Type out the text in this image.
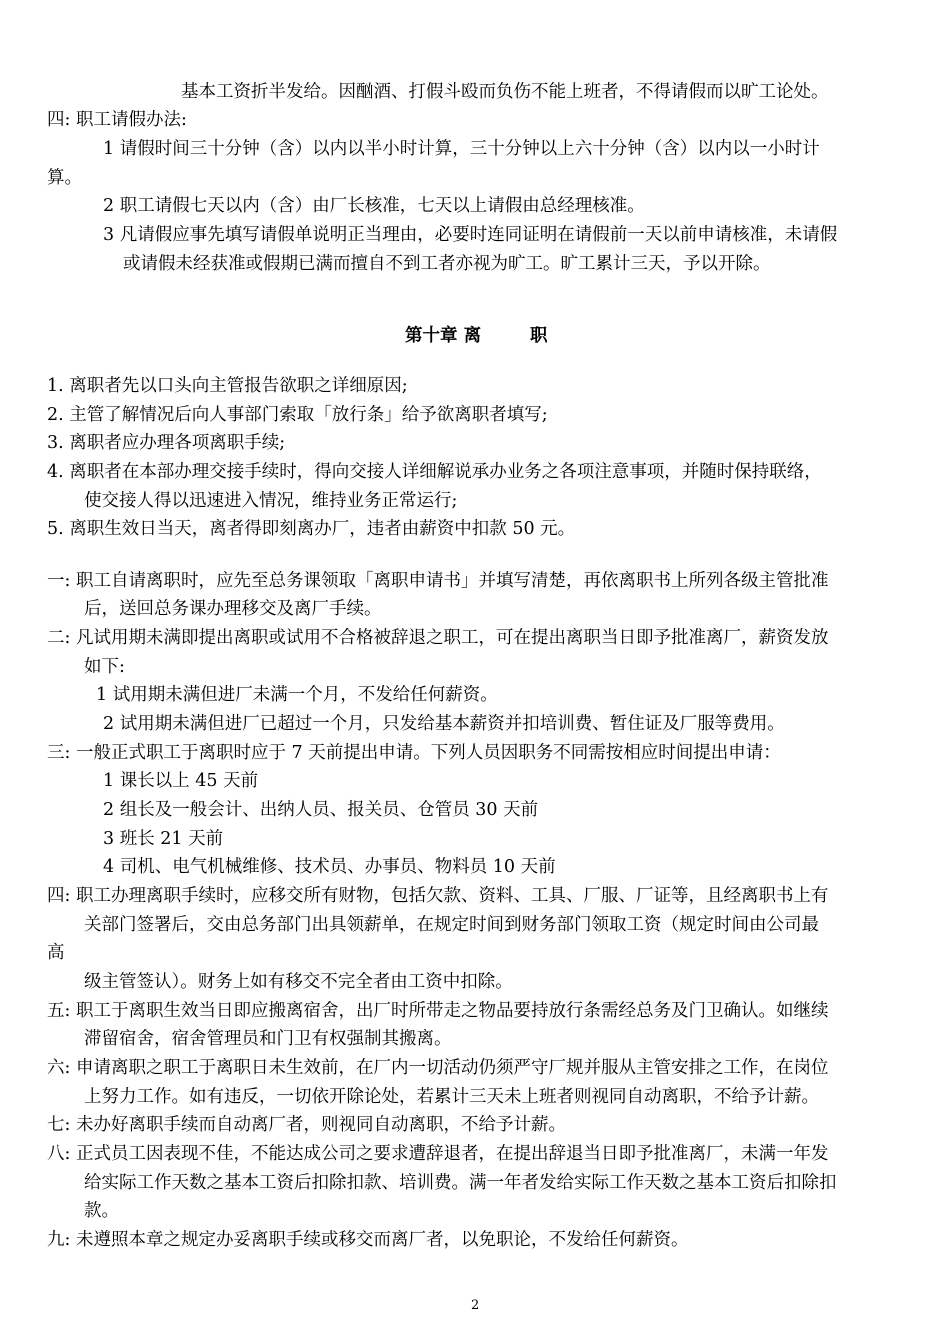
基本工资折半发给。因酗酒、打假斗殴而负伤不能上班者，不得请假而以旷工论处。
四: 职工请假办法:
1 请假时间三十分钟（含）以内以半小时计算，三十分钟以上六十分钟（含）以内以一小时计
算。
2 职工请假七天以内（含）由厂长核准，七天以上请假由总经理核准。
3 凡请假应事先填写请假单说明正当理由，必要时连同证明在请假前一天以前申请核准，未请假
或请假未经获准或假期已满而擅自不到工者亦视为旷工。旷工累计三天，予以开除。
第十章 离	职
1. 离职者先以口头向主管报告欲职之详细原因;
2. 主管了解情况后向人事部门索取「放行条」给予欲离职者填写;
3. 离职者应办理各项离职手续;
4. 离职者在本部办理交接手续时，得向交接人详细解说承办业务之各项注意事项，并随时保持联络，
使交接人得以迅速进入情况，维持业务正常运行;
5. 离职生效日当天，离者得即刻离办厂，违者由薪资中扣款 50 元。
一: 职工自请离职时，应先至总务课领取「离职申请书」并填写清楚，再依离职书上所列各级主管批准
后，送回总务课办理移交及离厂手续。
二: 凡试用期未满即提出离职或试用不合格被辞退之职工，可在提出离职当日即予批准离厂，薪资发放
如下:
1 试用期未满但进厂未满一个月，不发给任何薪资。
2 试用期未满但进厂已超过一个月，只发给基本薪资并扣培训费、暂住证及厂服等费用。
三: 一般正式职工于离职时应于 7 天前提出申请。下列人员因职务不同需按相应时间提出申请：
1 课长以上 45 天前
2 组长及一般会计、出纳人员、报关员、仓管员 30 天前
3 班长 21 天前
4 司机、电气机械维修、技术员、办事员、物料员 10 天前
四: 职工办理离职手续时，应移交所有财物，包括欠款、资料、工具、厂服、厂证等，且经离职书上有
关部门签署后，交由总务部门出具领薪单，在规定时间到财务部门领取工资（规定时间由公司最
高
级主管签认）。财务上如有移交不完全者由工资中扣除。
五: 职工于离职生效当日即应搬离宿舍，出厂时所带走之物品要持放行条需经总务及门卫确认。如继续
滞留宿舍，宿舍管理员和门卫有权强制其搬离。
六: 申请离职之职工于离职日未生效前，在厂内一切活动仍须严守厂规并服从主管安排之工作，在岗位
上努力工作。如有违反，一切依开除论处，若累计三天未上班者则视同自动离职，不给予计薪。
七: 未办好离职手续而自动离厂者，则视同自动离职，不给予计薪。
八: 正式员工因表现不佳，不能达成公司之要求遭辞退者，在提出辞退当日即予批准离厂，未满一年发
给实际工作天数之基本工资后扣除扣款、培训费。满一年者发给实际工作天数之基本工资后扣除扣
款。
九: 未遵照本章之规定办妥离职手续或移交而离厂者，以免职论，不发给任何薪资。
2
